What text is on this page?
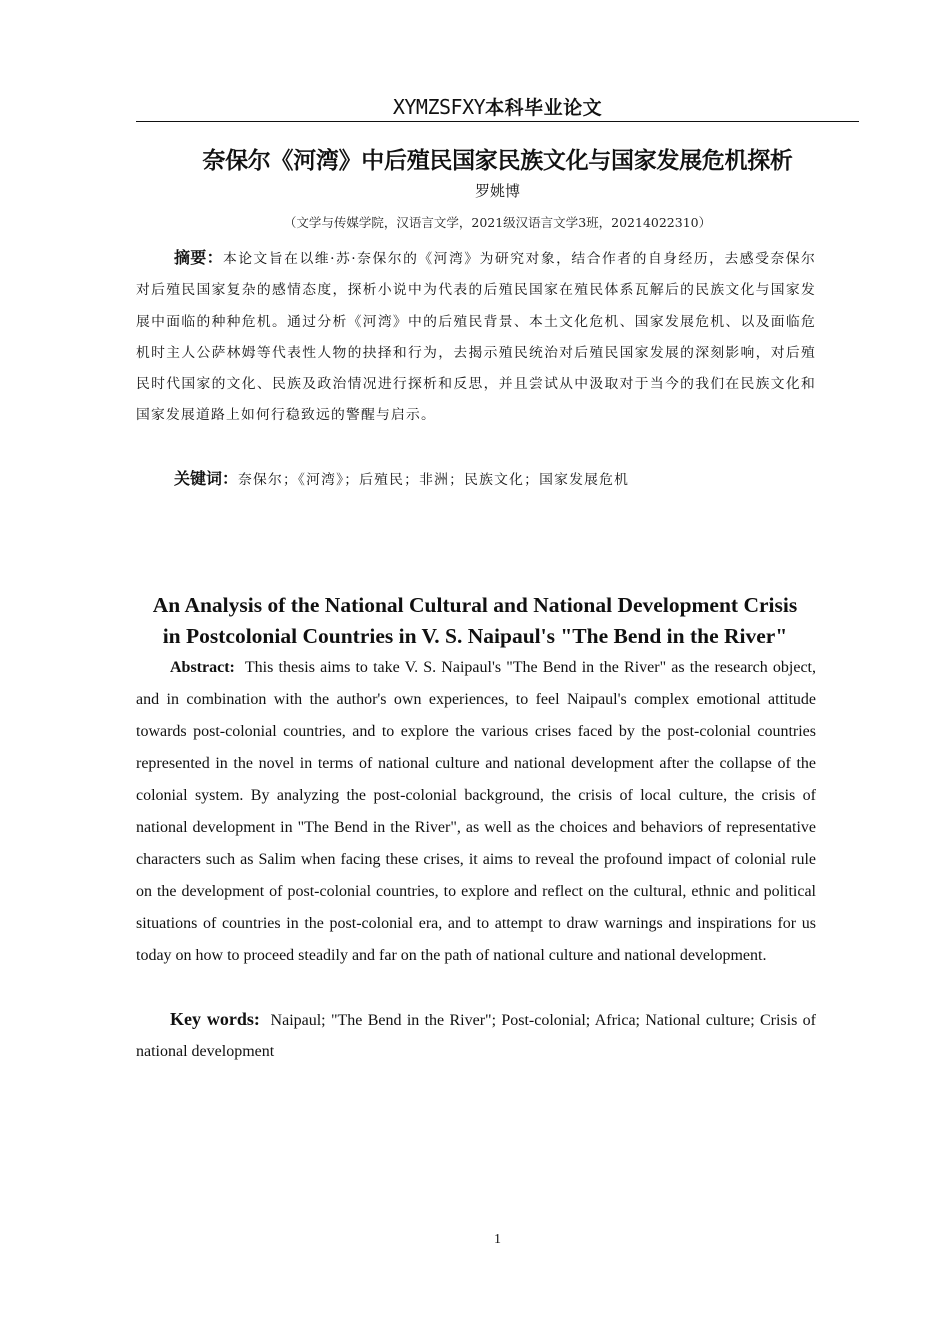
XYMZSFXY本科毕业论文
奈保尔《河湾》中后殖民国家民族文化与国家发展危机探析
罗姚博
（文学与传媒学院，汉语言文学，2021级汉语言文学3班，20214022310）

摘要：本论文旨在以维·苏·奈保尔的《河湾》为研究对象，结合作者的自身经历，去感受奈保尔对后殖民国家复杂的感情态度，探析小说中为代表的后殖民国家在殖民体系瓦解后的民族文化与国家发展中面临的种种危机。通过分析《河湾》中的后殖民背景、本土文化危机、国家发展危机、以及面临危机时主人公萨林姆等代表性人物的抉择和行为，去揭示殖民统治对后殖民国家发展的深刻影响，对后殖民时代国家的文化、民族及政治情况进行探析和反思，并且尝试从中汲取对于当今的我们在民族文化和国家发展道路上如何行稳致远的警醒与启示。

关键词：奈保尔；《河湾》；后殖民；非洲；民族文化；国家发展危机

An Analysis of the National Cultural and National Development Crisis
in Postcolonial Countries in V. S. Naipaul's "The Bend in the River"

Abstract: This thesis aims to take V. S. Naipaul's "The Bend in the River" as the research object, and in combination with the author's own experiences, to feel Naipaul's complex emotional attitude towards post-colonial countries, and to explore the various crises faced by the post-colonial countries represented in the novel in terms of national culture and national development after the collapse of the colonial system. By analyzing the post-colonial background, the crisis of local culture, the crisis of national development in "The Bend in the River", as well as the choices and behaviors of representative characters such as Salim when facing these crises, it aims to reveal the profound impact of colonial rule on the development of post-colonial countries, to explore and reflect on the cultural, ethnic and political situations of countries in the post-colonial era, and to attempt to draw warnings and inspirations for us today on how to proceed steadily and far on the path of national culture and national development.

Key words: Naipaul; "The Bend in the River"; Post-colonial; Africa; National culture; Crisis of national development

1
